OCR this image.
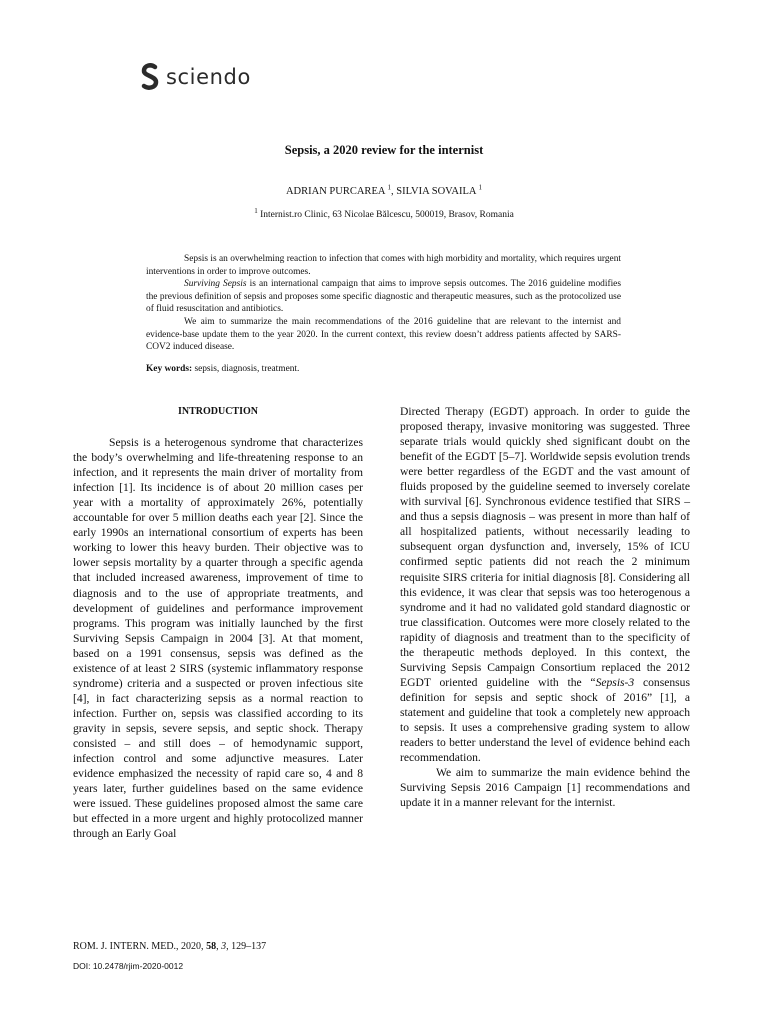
sciendo
Sepsis, a 2020 review for the internist
ADRIAN PURCAREA $^1$, SILVIA SOVAILA $^1$
$^1$ Internist.ro Clinic, 63 Nicolae Bălcescu, 500019, Brasov, Romania

Sepsis is an overwhelming reaction to infection that comes with high morbidity and mortality, which requires urgent interventions in order to improve outcomes.

Surviving Sepsis is an international campaign that aims to improve sepsis outcomes. The 2016 guideline modifies the previous definition of sepsis and proposes some specific diagnostic and therapeutic measures, such as the protocolized use of fluid resuscitation and antibiotics.

We aim to summarize the main recommendations of the 2016 guideline that are relevant to the internist and evidence-base update them to the year 2020. In the current context, this review doesn’t address patients affected by SARS-COV2 induced disease.

Key words: sepsis, diagnosis, treatment.

INTRODUCTION

Sepsis is a heterogenous syndrome that characterizes the body’s overwhelming and life-threatening response to an infection, and it represents the main driver of mortality from infection [1]. Its incidence is of about 20 million cases per year with a mortality of approximately 26%, potentially accountable for over 5 million deaths each year [2]. Since the early 1990s an international consortium of experts has been working to lower this heavy burden. Their objective was to lower sepsis mortality by a quarter through a specific agenda that included increased awareness, improvement of time to diagnosis and to the use of appropriate treatments, and development of guidelines and performance improvement programs. This program was initially launched by the first Surviving Sepsis Campaign in 2004 [3]. At that moment, based on a 1991 consensus, sepsis was defined as the existence of at least 2 SIRS (systemic inflammatory response syndrome) criteria and a suspected or proven infectious site [4], in fact characterizing sepsis as a normal reaction to infection. Further on, sepsis was classified according to its gravity in sepsis, severe sepsis, and septic shock. Therapy consisted – and still does – of hemodynamic support, infection control and some adjunctive measures. Later evidence emphasized the necessity of rapid care so, 4 and 8 years later, further guidelines based on the same evidence were issued. These guidelines proposed almost the same care but effected in a more urgent and highly protocolized manner through an Early Goal

Directed Therapy (EGDT) approach. In order to guide the proposed therapy, invasive monitoring was suggested. Three separate trials would quickly shed significant doubt on the benefit of the EGDT [5–7]. Worldwide sepsis evolution trends were better regardless of the EGDT and the vast amount of fluids proposed by the guideline seemed to inversely corelate with survival [6]. Synchronous evidence testified that SIRS – and thus a sepsis diagnosis – was present in more than half of all hospitalized patients, without necessarily leading to subsequent organ dysfunction and, inversely, 15% of ICU confirmed septic patients did not reach the 2 minimum requisite SIRS criteria for initial diagnosis [8]. Considering all this evidence, it was clear that sepsis was too heterogenous a syndrome and it had no validated gold standard diagnostic or true classification. Outcomes were more closely related to the rapidity of diagnosis and treatment than to the specificity of the therapeutic methods deployed. In this context, the Surviving Sepsis Campaign Consortium replaced the 2012 EGDT oriented guideline with the “Sepsis-3 consensus definition for sepsis and septic shock of 2016” [1], a statement and guideline that took a completely new approach to sepsis. It uses a comprehensive grading system to allow readers to better understand the level of evidence behind each recommendation.

We aim to summarize the main evidence behind the Surviving Sepsis 2016 Campaign [1] recommendations and update it in a manner relevant for the internist.

ROM. J. INTERN. MED., 2020, 58, 3, 129–137
DOI: 10.2478/rjim-2020-0012
